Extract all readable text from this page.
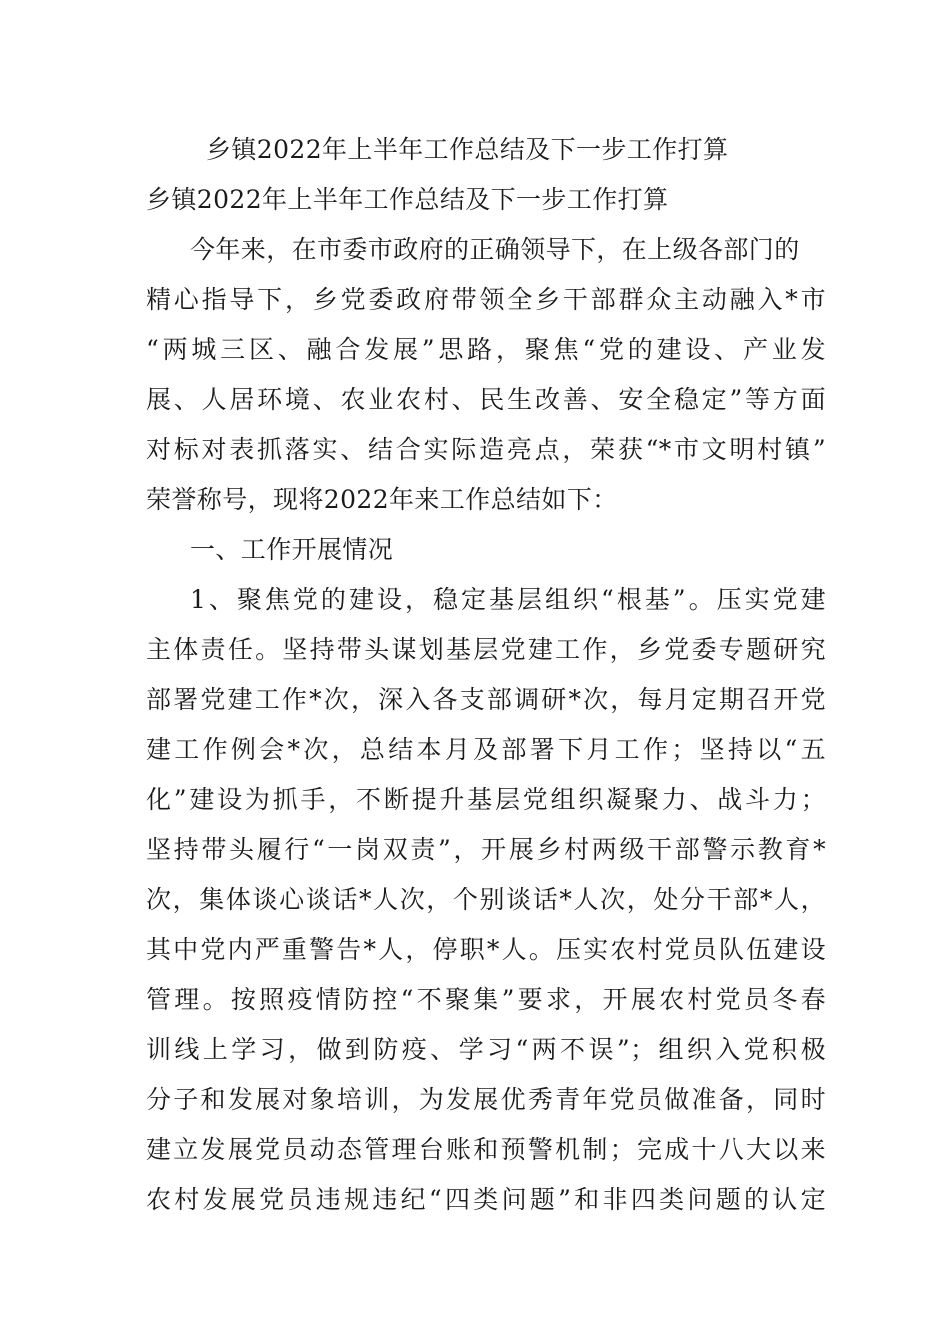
乡镇2022年上半年工作总结及下一步工作打算
乡镇2022年上半年工作总结及下一步工作打算
今年来，在市委市政府的正确领导下，在上级各部门的
精心指导下，乡党委政府带领全乡干部群众主动融入*市
“两城三区、融合发展”思路，聚焦“党的建设、产业发
展、人居环境、农业农村、民生改善、安全稳定”等方面
对标对表抓落实、结合实际造亮点，荣获“*市文明村镇”
荣誉称号，现将2022年来工作总结如下：
一、工作开展情况
1、聚焦党的建设，稳定基层组织“根基”。压实党建
主体责任。坚持带头谋划基层党建工作，乡党委专题研究
部署党建工作*次，深入各支部调研*次，每月定期召开党
建工作例会*次，总结本月及部署下月工作；坚持以“五
化”建设为抓手，不断提升基层党组织凝聚力、战斗力；
坚持带头履行“一岗双责”，开展乡村两级干部警示教育*
次，集体谈心谈话*人次，个别谈话*人次，处分干部*人，
其中党内严重警告*人，停职*人。压实农村党员队伍建设
管理。按照疫情防控“不聚集”要求，开展农村党员冬春
训线上学习，做到防疫、学习“两不误”；组织入党积极
分子和发展对象培训，为发展优秀青年党员做准备，同时
建立发展党员动态管理台账和预警机制；完成十八大以来
农村发展党员违规违纪“四类问题”和非四类问题的认定
